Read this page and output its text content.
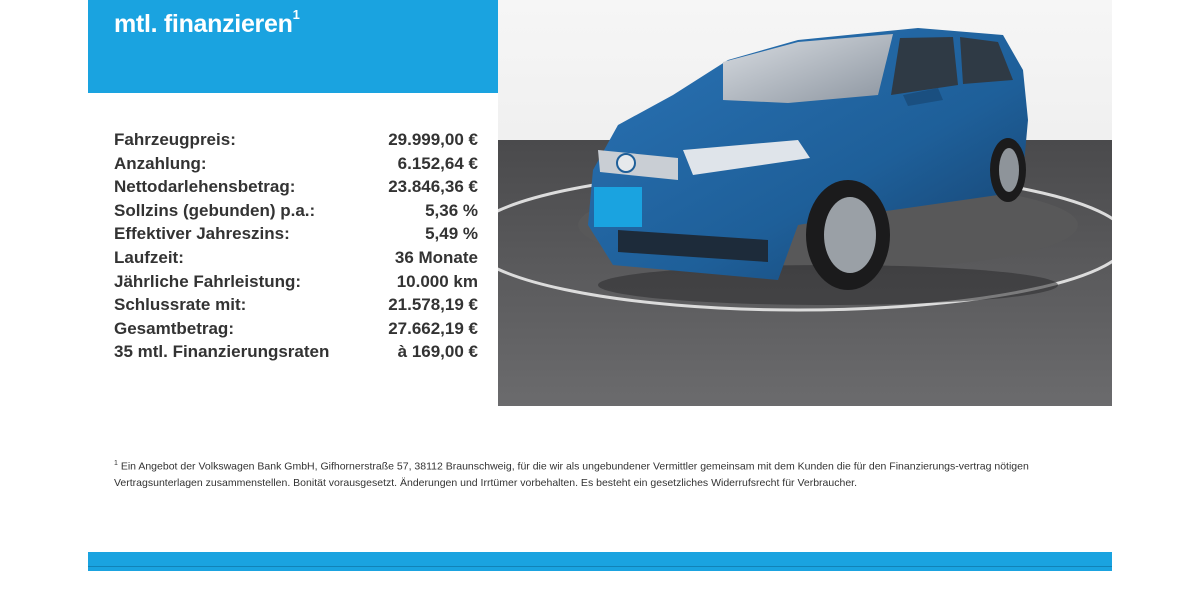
mtl. finanzieren$^1$
Fahrzeugpreis:	29.999,00 €
Anzahlung:	6.152,64 €
Nettodarlehensbetrag:	23.846,36 €
Sollzins (gebunden) p.a.:	5,36 %
Effektiver Jahreszins:	5,49 %
Laufzeit:	36 Monate
Jährliche Fahrleistung:	10.000 km
Schlussrate mit:	21.578,19 €
Gesamtbetrag:	27.662,19 €
35 mtl. Finanzierungsraten	à 169,00 €
$^1$ Ein Angebot der Volkswagen Bank GmbH, Gifhornerstraße 57, 38112 Braunschweig, für die wir als ungebundener Vermittler gemeinsam mit dem Kunden die für den Finanzierungs-vertrag nötigen Vertragsunterlagen zusammenstellen. Bonität vorausgesetzt. Änderungen und Irrtümer vorbehalten. Es besteht ein gesetzliches Widerrufsrecht für Verbraucher.
